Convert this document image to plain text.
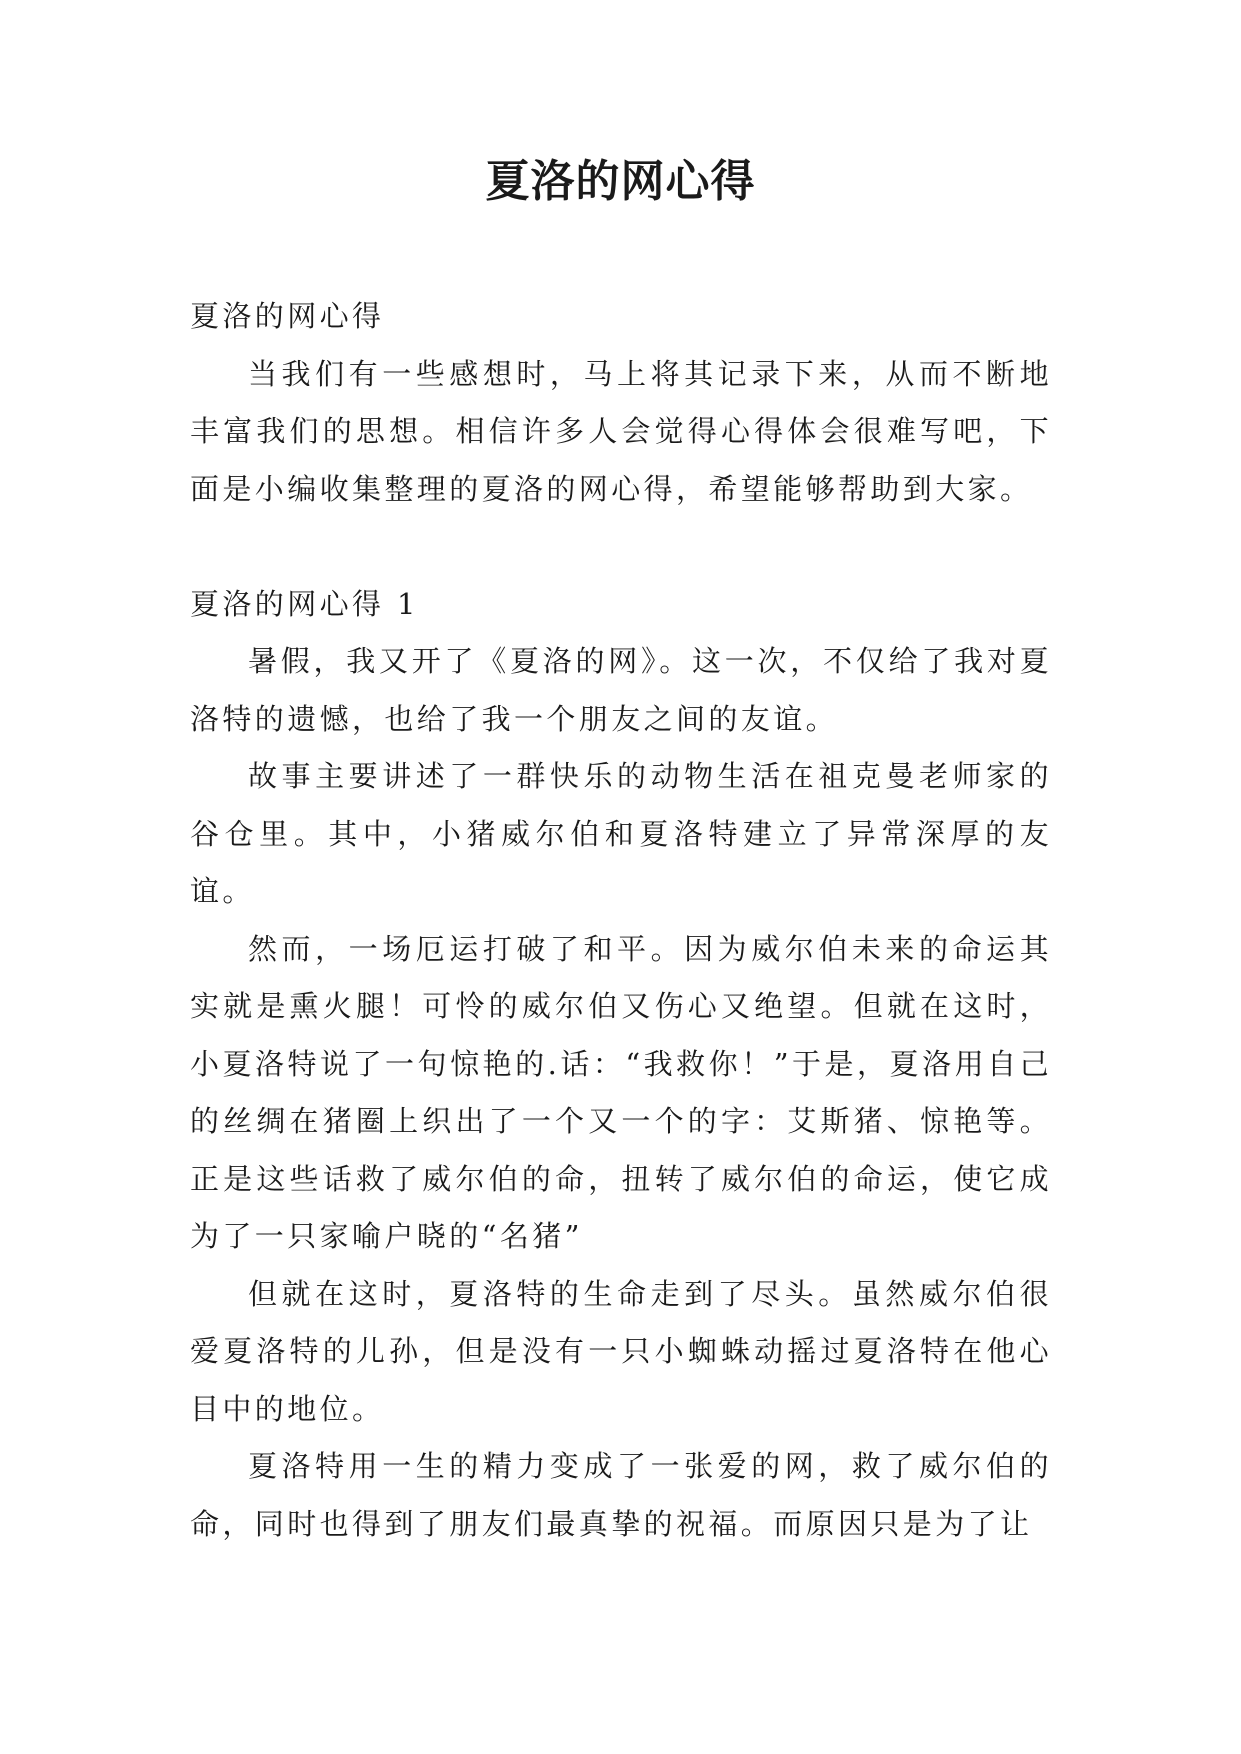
夏洛的网心得

夏洛的网心得

当我们有一些感想时，马上将其记录下来，从而不断地丰富我们的思想。相信许多人会觉得心得体会很难写吧，下面是小编收集整理的夏洛的网心得，希望能够帮助到大家。

夏洛的网心得 1

暑假，我又开了《夏洛的网》。这一次，不仅给了我对夏洛特的遗憾，也给了我一个朋友之间的友谊。

故事主要讲述了一群快乐的动物生活在祖克曼老师家的谷仓里。其中，小猪威尔伯和夏洛特建立了异常深厚的友谊。

然而，一场厄运打破了和平。因为威尔伯未来的命运其实就是熏火腿！可怜的威尔伯又伤心又绝望。但就在这时，小夏洛特说了一句惊艳的.话：“我救你！”于是，夏洛用自己的丝绸在猪圈上织出了一个又一个的字：艾斯猪、惊艳等。正是这些话救了威尔伯的命，扭转了威尔伯的命运，使它成为了一只家喻户晓的“名猪”

但就在这时，夏洛特的生命走到了尽头。虽然威尔伯很爱夏洛特的儿孙，但是没有一只小蜘蛛动摇过夏洛特在他心目中的地位。

夏洛特用一生的精力变成了一张爱的网，救了威尔伯的命，同时也得到了朋友们最真挚的祝福。而原因只是为了让
